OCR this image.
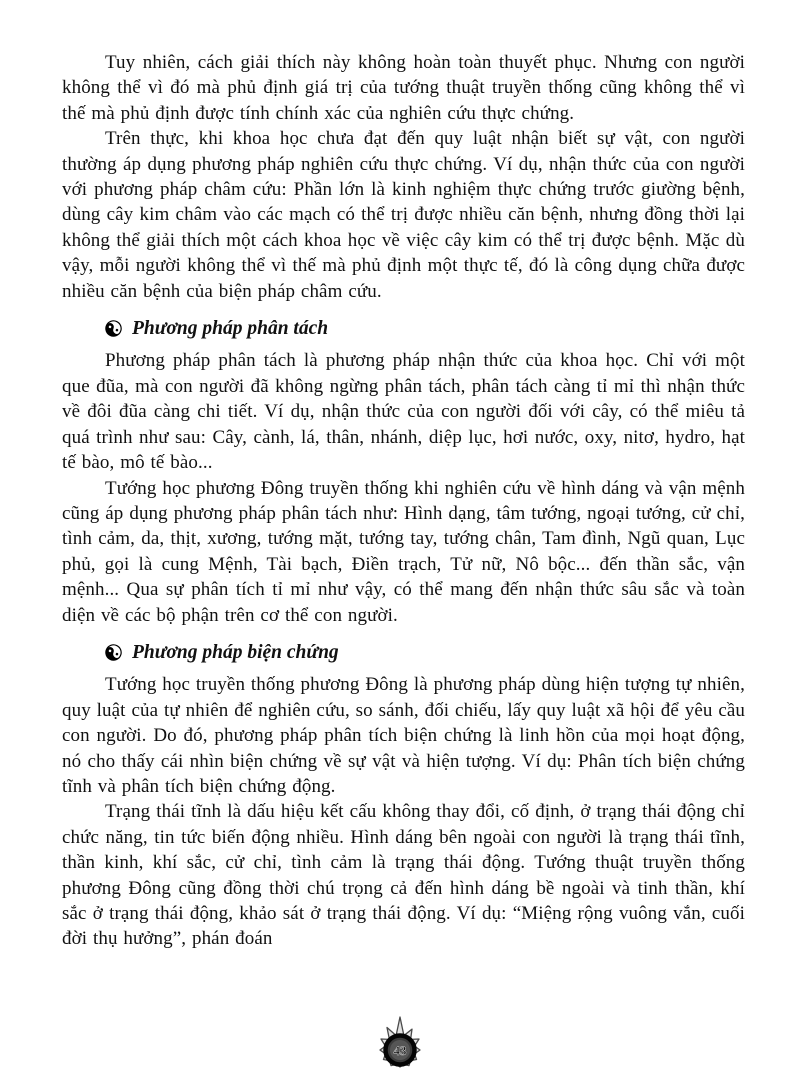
Tuy nhiên, cách giải thích này không hoàn toàn thuyết phục. Nhưng con người không thể vì đó mà phủ định giá trị của tướng thuật truyền thống cũng không thể vì thế mà phủ định được tính chính xác của nghiên cứu thực chứng.

Trên thực, khi khoa học chưa đạt đến quy luật nhận biết sự vật, con người thường áp dụng phương pháp nghiên cứu thực chứng. Ví dụ, nhận thức của con người với phương pháp châm cứu: Phần lớn là kinh nghiệm thực chứng trước giường bệnh, dùng cây kim châm vào các mạch có thể trị được nhiều căn bệnh, nhưng đồng thời lại không thể giải thích một cách khoa học về việc cây kim có thể trị được bệnh. Mặc dù vậy, mỗi người không thể vì thế mà phủ định một thực tế, đó là công dụng chữa được nhiều căn bệnh của biện pháp châm cứu.

Phương pháp phân tách

Phương pháp phân tách là phương pháp nhận thức của khoa học. Chỉ với một que đũa, mà con người đã không ngừng phân tách, phân tách càng tỉ mỉ thì nhận thức về đôi đũa càng chi tiết. Ví dụ, nhận thức của con người đối với cây, có thể miêu tả quá trình như sau: Cây, cành, lá, thân, nhánh, diệp lục, hơi nước, oxy, nitơ, hydro, hạt tế bào, mô tế bào...

Tướng học phương Đông truyền thống khi nghiên cứu về hình dáng và vận mệnh cũng áp dụng phương pháp phân tách như: Hình dạng, tâm tướng, ngoại tướng, cử chỉ, tình cảm, da, thịt, xương, tướng mặt, tướng tay, tướng chân, Tam đình, Ngũ quan, Lục phủ, gọi là cung Mệnh, Tài bạch, Điền trạch, Tử nữ, Nô bộc... đến thần sắc, vận mệnh... Qua sự phân tích tỉ mỉ như vậy, có thể mang đến nhận thức sâu sắc và toàn diện về các bộ phận trên cơ thể con người.

Phương pháp biện chứng

Tướng học truyền thống phương Đông là phương pháp dùng hiện tượng tự nhiên, quy luật của tự nhiên để nghiên cứu, so sánh, đối chiếu, lấy quy luật xã hội để yêu cầu con người. Do đó, phương pháp phân tích biện chứng là linh hồn của mọi hoạt động, nó cho thấy cái nhìn biện chứng về sự vật và hiện tượng. Ví dụ: Phân tích biện chứng tĩnh và phân tích biện chứng động.

Trạng thái tĩnh là dấu hiệu kết cấu không thay đổi, cố định, ở trạng thái động chỉ chức năng, tin tức biến động nhiều. Hình dáng bên ngoài con người là trạng thái tĩnh, thần kinh, khí sắc, cử chỉ, tình cảm là trạng thái động. Tướng thuật truyền thống phương Đông cũng đồng thời chú trọng cả đến hình dáng bề ngoài và tinh thần, khí sắc ở trạng thái động, khảo sát ở trạng thái động. Ví dụ: “Miệng rộng vuông vắn, cuối đời thụ hưởng”, phán đoán

43
